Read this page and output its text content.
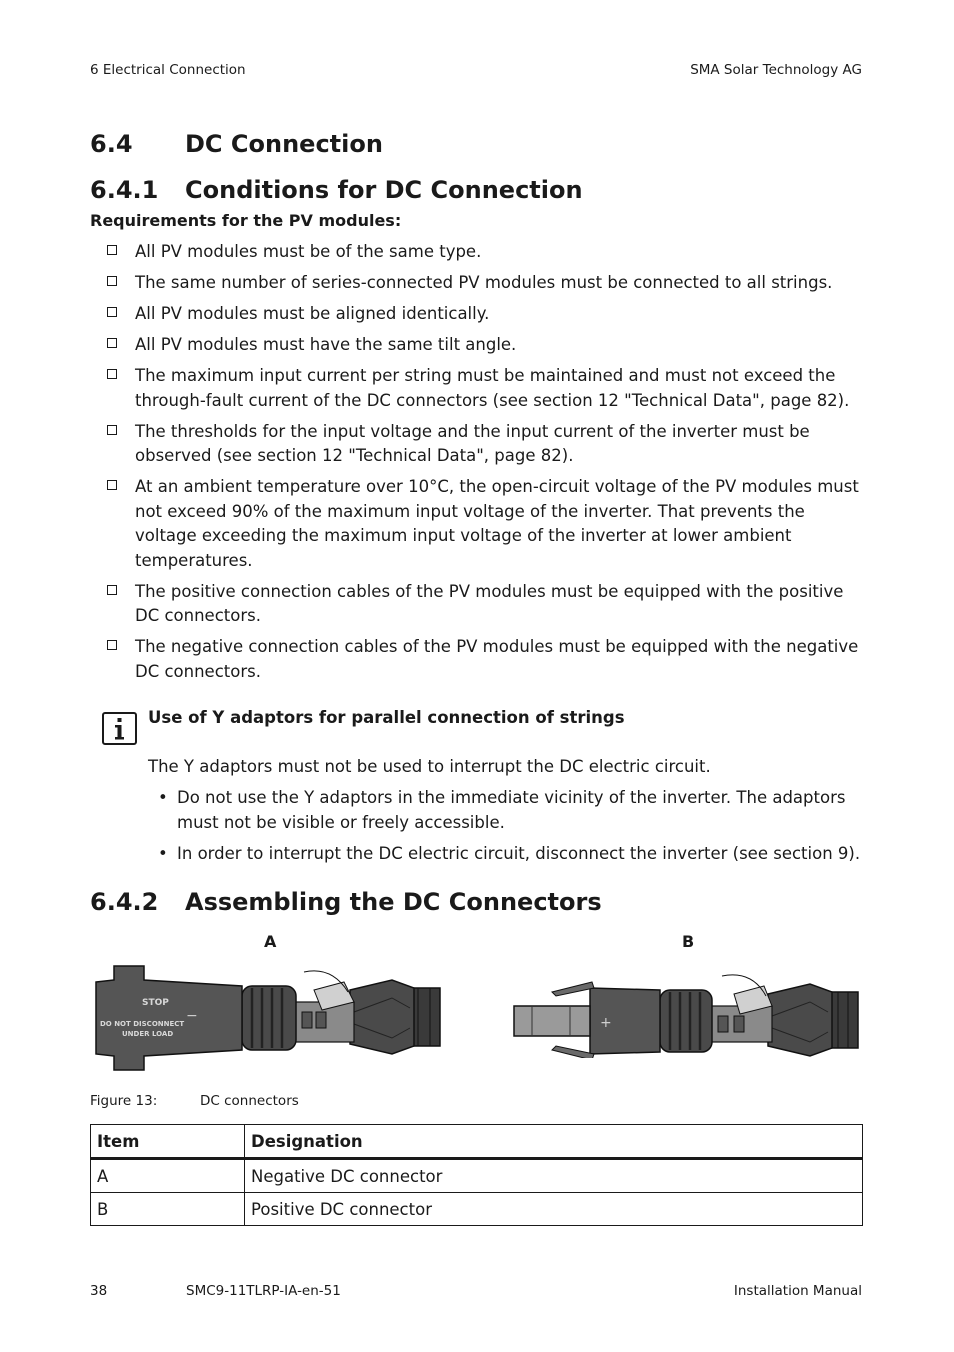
6 Electrical Connection	SMA Solar Technology AG
6.4 DC Connection
6.4.1 Conditions for DC Connection
Requirements for the PV modules:
All PV modules must be of the same type.
The same number of series-connected PV modules must be connected to all strings.
All PV modules must be aligned identically.
All PV modules must have the same tilt angle.
The maximum input current per string must be maintained and must not exceed the through-fault current of the DC connectors (see section 12 "Technical Data", page 82).
The thresholds for the input voltage and the input current of the inverter must be observed (see section 12 "Technical Data", page 82).
At an ambient temperature over 10°C, the open-circuit voltage of the PV modules must not exceed 90% of the maximum input voltage of the inverter. That prevents the voltage exceeding the maximum input voltage of the inverter at lower ambient temperatures.
The positive connection cables of the PV modules must be equipped with the positive DC connectors.
The negative connection cables of the PV modules must be equipped with the negative DC connectors.
Use of Y adaptors for parallel connection of strings
The Y adaptors must not be used to interrupt the DC electric circuit.
• Do not use the Y adaptors in the immediate vicinity of the inverter. The adaptors must not be visible or freely accessible.
• In order to interrupt the DC electric circuit, disconnect the inverter (see section 9).
6.4.2 Assembling the DC Connectors
A	B
STOP
DO NOT DISCONNECT
UNDER LOAD
−	+
Figure 13:	DC connectors
Item	Designation
A	Negative DC connector
B	Positive DC connector
38	SMC9-11TLRP-IA-en-51	Installation Manual
